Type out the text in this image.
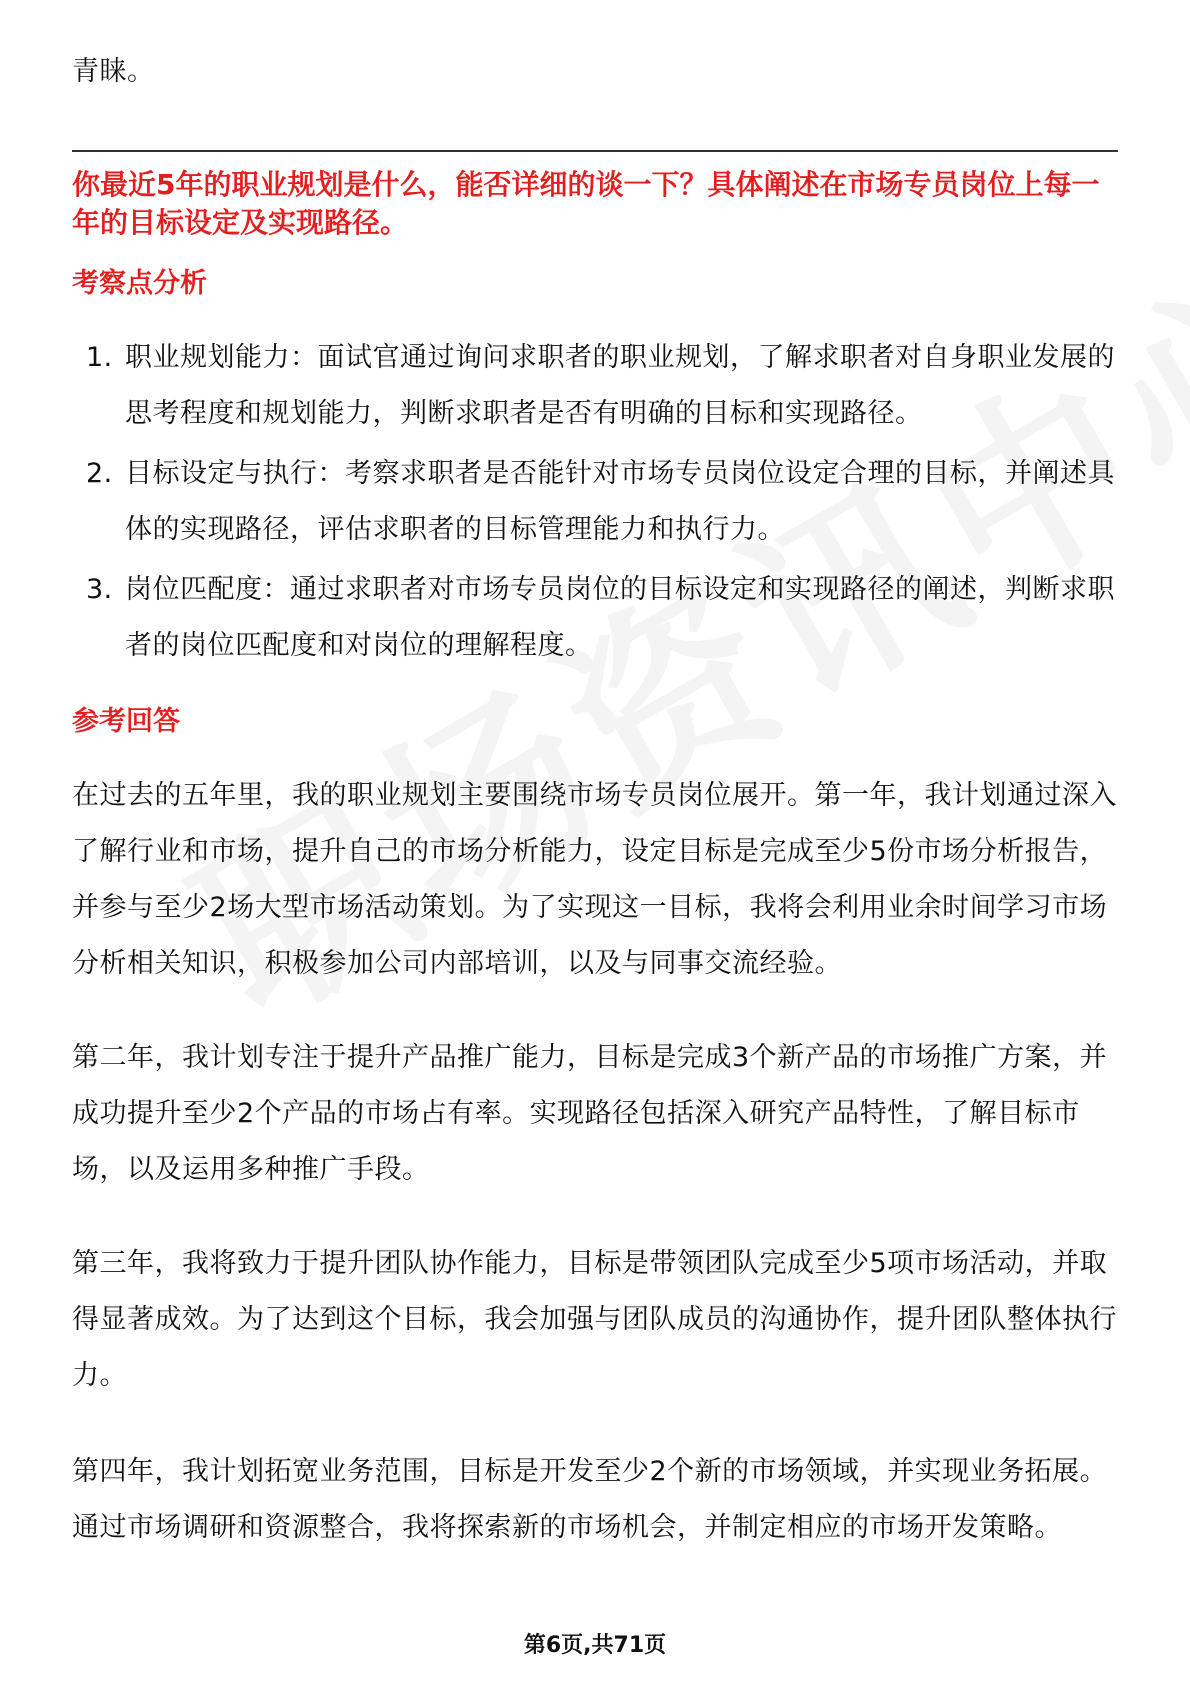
青睐。

你最近5年的职业规划是什么，能否详细的谈一下？具体阐述在市场专员岗位上每一年的目标设定及实现路径。

考察点分析

1. 职业规划能力：面试官通过询问求职者的职业规划，了解求职者对自身职业发展的思考程度和规划能力，判断求职者是否有明确的目标和实现路径。
2. 目标设定与执行：考察求职者是否能针对市场专员岗位设定合理的目标，并阐述具体的实现路径，评估求职者的目标管理能力和执行力。
3. 岗位匹配度：通过求职者对市场专员岗位的目标设定和实现路径的阐述，判断求职者的岗位匹配度和对岗位的理解程度。

参考回答

在过去的五年里，我的职业规划主要围绕市场专员岗位展开。第一年，我计划通过深入了解行业和市场，提升自己的市场分析能力，设定目标是完成至少5份市场分析报告，并参与至少2场大型市场活动策划。为了实现这一目标，我将会利用业余时间学习市场分析相关知识，积极参加公司内部培训，以及与同事交流经验。

第二年，我计划专注于提升产品推广能力，目标是完成3个新产品的市场推广方案，并成功提升至少2个产品的市场占有率。实现路径包括深入研究产品特性，了解目标市场，以及运用多种推广手段。

第三年，我将致力于提升团队协作能力，目标是带领团队完成至少5项市场活动，并取得显著成效。为了达到这个目标，我会加强与团队成员的沟通协作，提升团队整体执行力。

第四年，我计划拓宽业务范围，目标是开发至少2个新的市场领域，并实现业务拓展。通过市场调研和资源整合，我将探索新的市场机会，并制定相应的市场开发策略。

第6页,共71页
